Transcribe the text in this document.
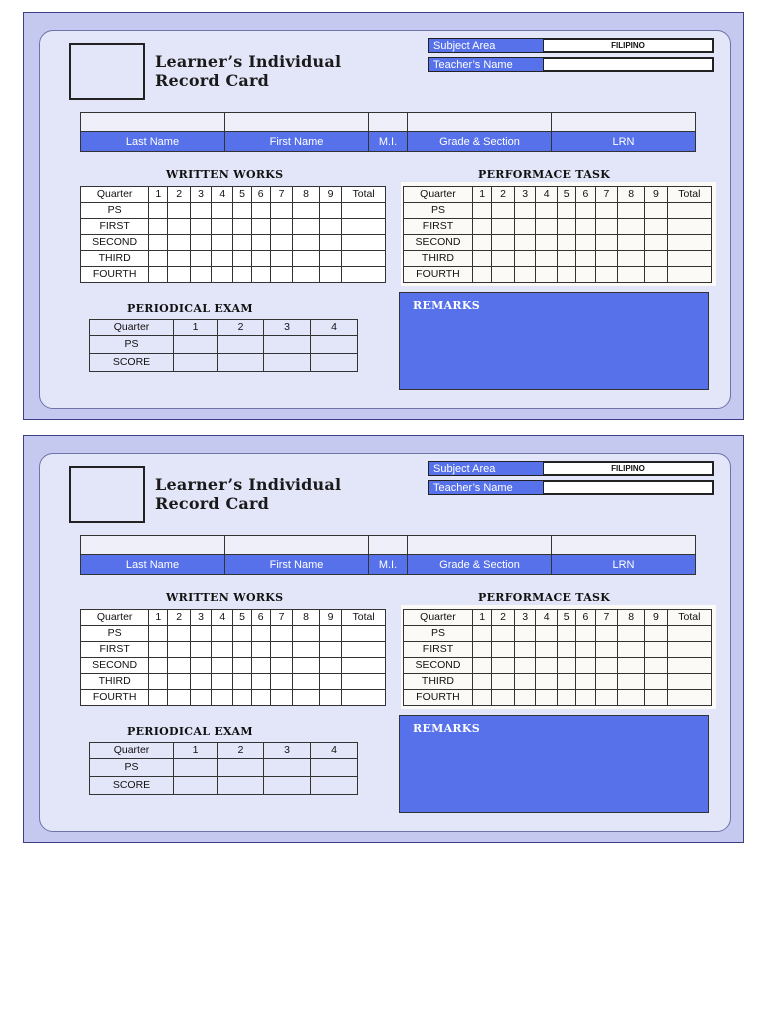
Learner’s Individual
Record Card
Subject Area	FILIPINO
Teacher’s Name

Last Name	First Name	M.I.	Grade & Section	LRN
WRITTEN WORKS
Quarter	1	2	3	4	5	6	7	8	9	Total
PS										
FIRST										
SECOND										
THIRD										
FOURTH										
PERFORMACE TASK
Quarter	1	2	3	4	5	6	7	8	9	Total
PS										
FIRST										
SECOND										
THIRD										
FOURTH										
PERIODICAL EXAM
Quarter	1	2	3	4
PS				
SCORE				
REMARKS
Learner’s Individual
Record Card
Subject Area	FILIPINO
Teacher’s Name

Last Name	First Name	M.I.	Grade & Section	LRN
WRITTEN WORKS
Quarter	1	2	3	4	5	6	7	8	9	Total
PS										
FIRST										
SECOND										
THIRD										
FOURTH										
PERFORMACE TASK
Quarter	1	2	3	4	5	6	7	8	9	Total
PS										
FIRST										
SECOND										
THIRD										
FOURTH										
PERIODICAL EXAM
Quarter	1	2	3	4
PS				
SCORE				
REMARKS
